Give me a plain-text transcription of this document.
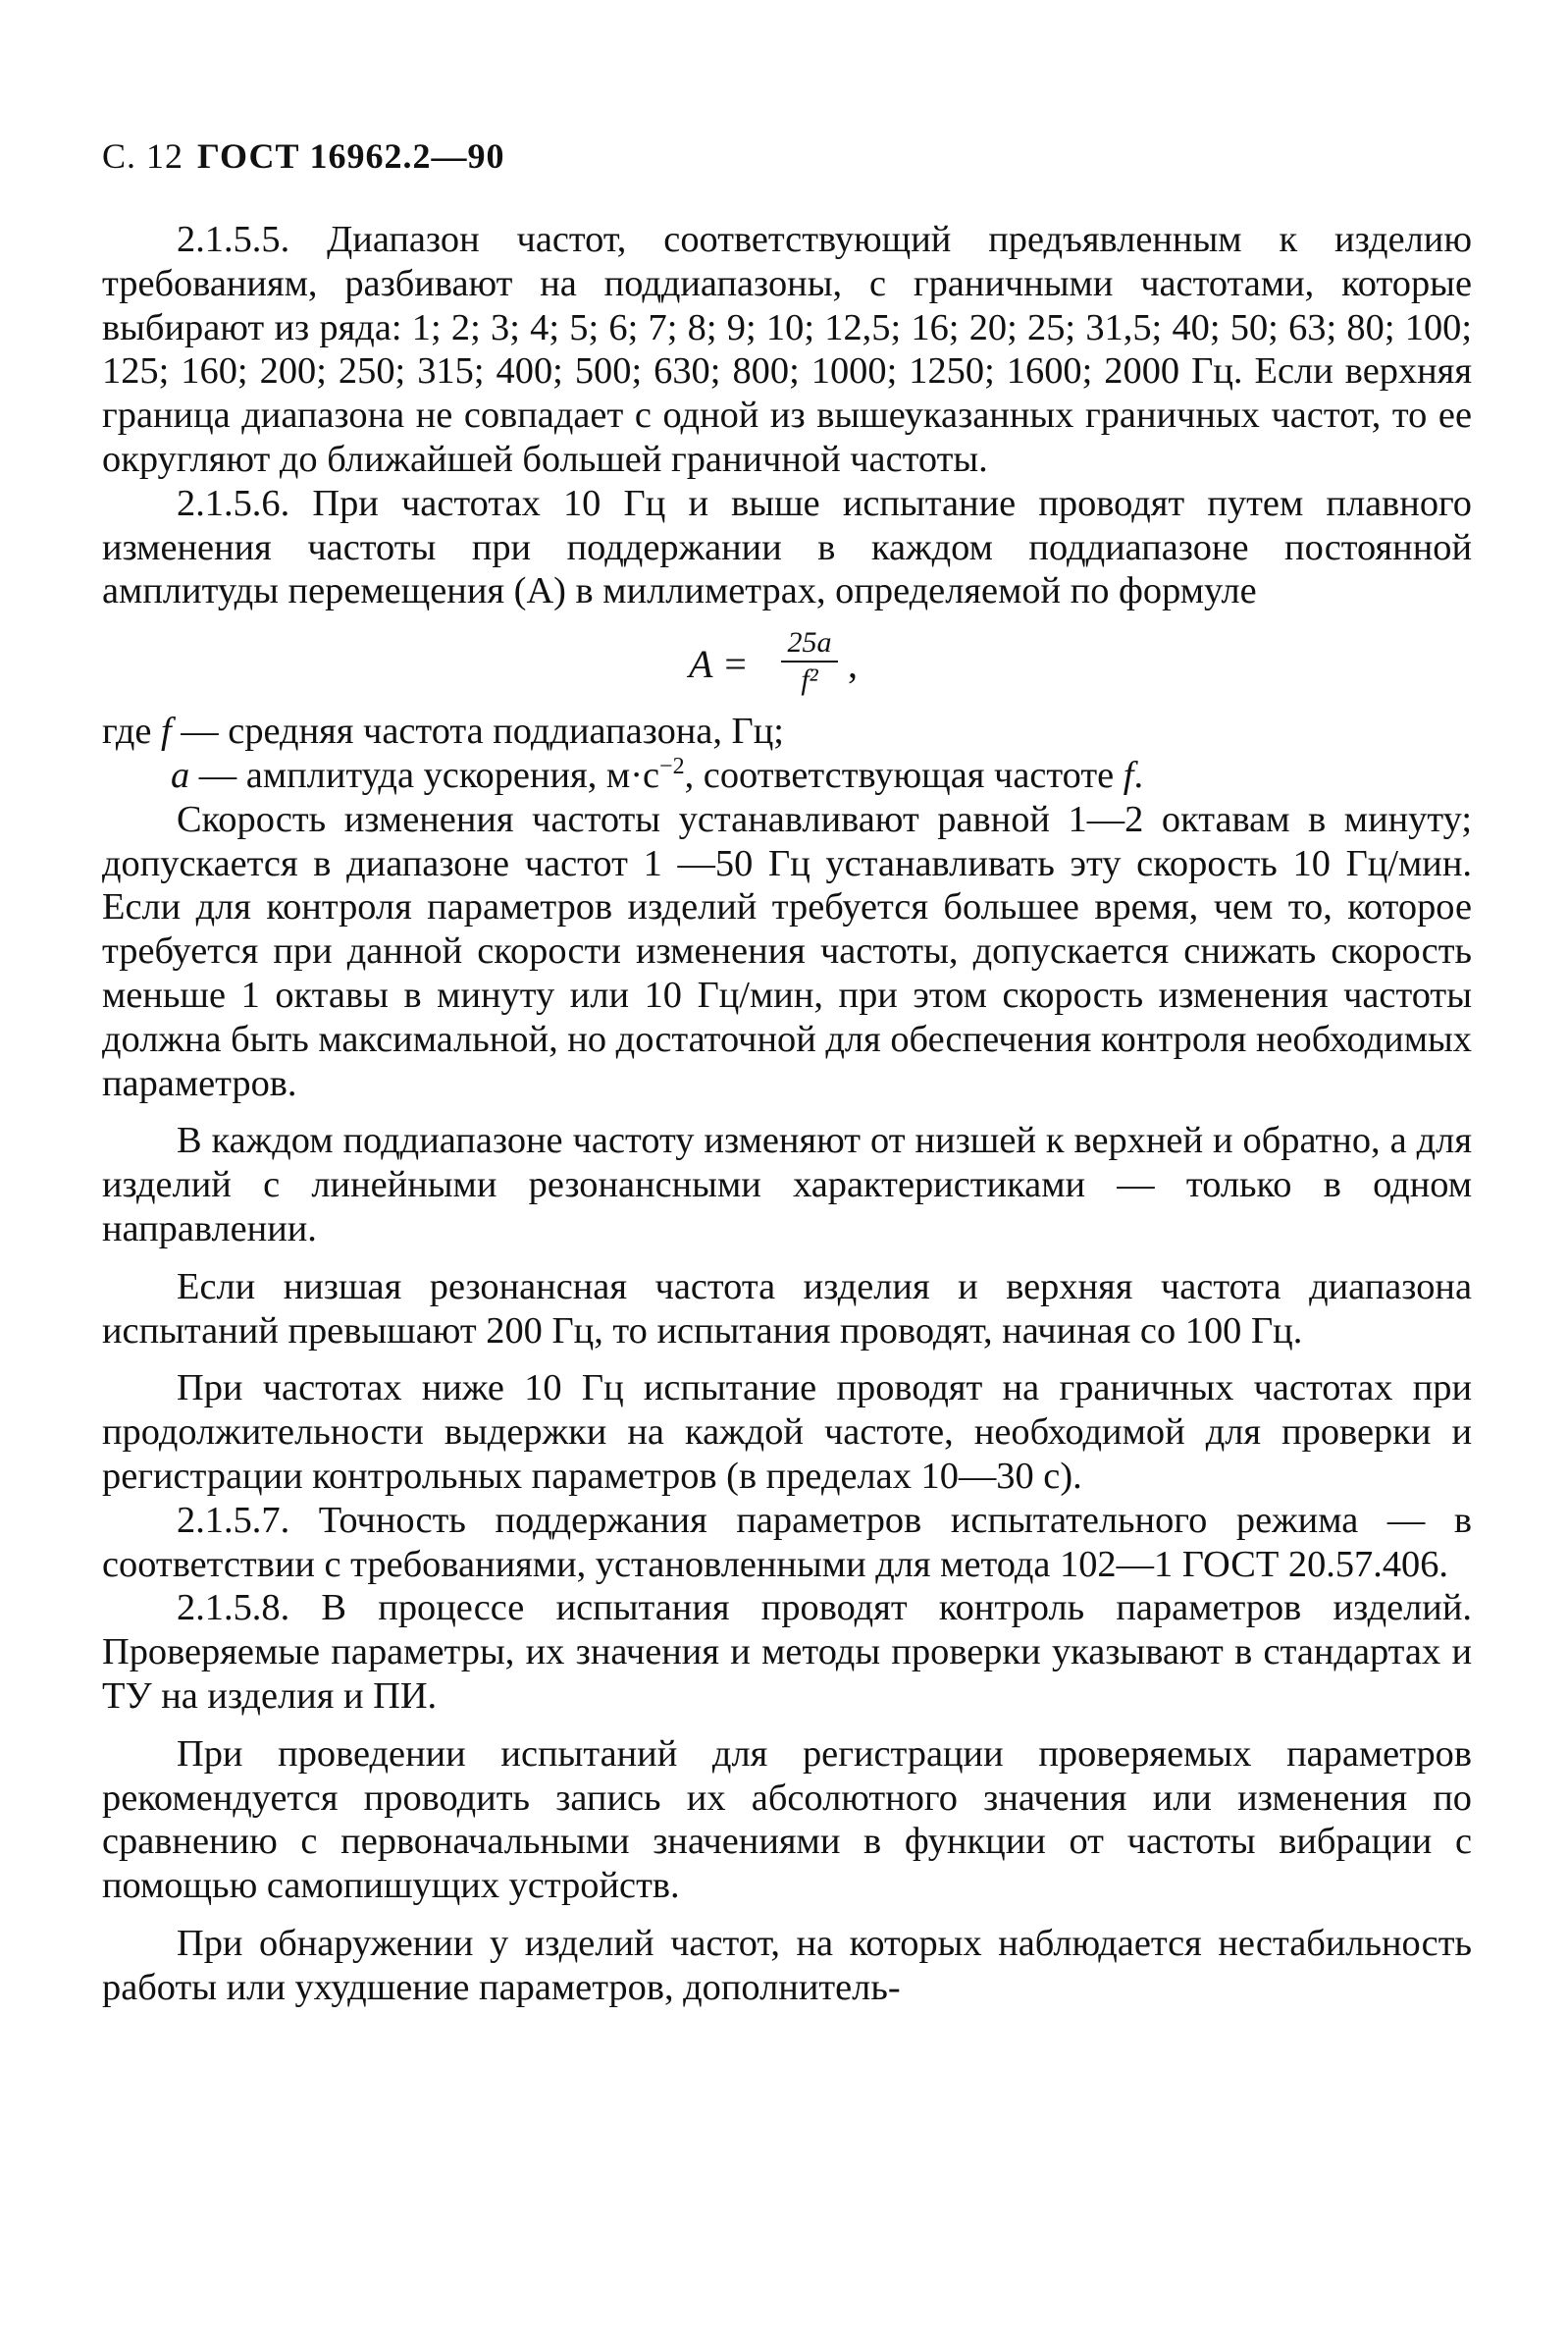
С. 12 ГОСТ 16962.2—90

2.1.5.5. Диапазон частот, соответствующий предъявленным к изделию требованиям, разбивают на поддиапазоны, с граничными частотами, которые выбирают из ряда: 1; 2; 3; 4; 5; 6; 7; 8; 9; 10; 12,5; 16; 20; 25; 31,5; 40; 50; 63; 80; 100; 125; 160; 200; 250; 315; 400; 500; 630; 800; 1000; 1250; 1600; 2000 Гц. Если верхняя граница диапазона не совпадает с одной из вышеуказанных граничных частот, то ее округляют до ближайшей большей граничной частоты.

2.1.5.6. При частотах 10 Гц и выше испытание проводят путем плавного изменения частоты при поддержании в каждом поддиапазоне постоянной амплитуды перемещения (A) в миллиметрах, определяемой по формуле

$A = \frac{25a}{\text{f²}}$ ,

где f — средняя частота поддиапазона, Гц;

a — амплитуда ускорения, $м\cdot с^{-2}$, соответствующая частоте f.

Скорость изменения частоты устанавливают равной 1—2 октавам в минуту; допускается в диапазоне частот 1 —50 Гц устанавливать эту скорость 10 Гц/мин. Если для контроля параметров изделий требуется большее время, чем то, которое требуется при данной скорости изменения частоты, допускается снижать скорость меньше 1 октавы в минуту или 10 Гц/мин, при этом скорость изменения частоты должна быть максимальной, но достаточной для обеспечения контроля необходимых параметров.

В каждом поддиапазоне частоту изменяют от низшей к верхней и обратно, а для изделий с линейными резонансными характеристиками — только в одном направлении.

Если низшая резонансная частота изделия и верхняя частота диапазона испытаний превышают 200 Гц, то испытания проводят, начиная со 100 Гц.

При частотах ниже 10 Гц испытание проводят на граничных частотах при продолжительности выдержки на каждой частоте, необходимой для проверки и регистрации контрольных параметров (в пределах 10—30 с).

2.1.5.7. Точность поддержания параметров испытательного режима — в соответствии с требованиями, установленными для метода 102—1 ГОСТ 20.57.406.

2.1.5.8. В процессе испытания проводят контроль параметров изделий. Проверяемые параметры, их значения и методы проверки указывают в стандартах и ТУ на изделия и ПИ.

При проведении испытаний для регистрации проверяемых параметров рекомендуется проводить запись их абсолютного значения или изменения по сравнению с первоначальными значениями в функции от частоты вибрации с помощью самопишущих устройств.

При обнаружении у изделий частот, на которых наблюдается нестабильность работы или ухудшение параметров, дополнитель-
